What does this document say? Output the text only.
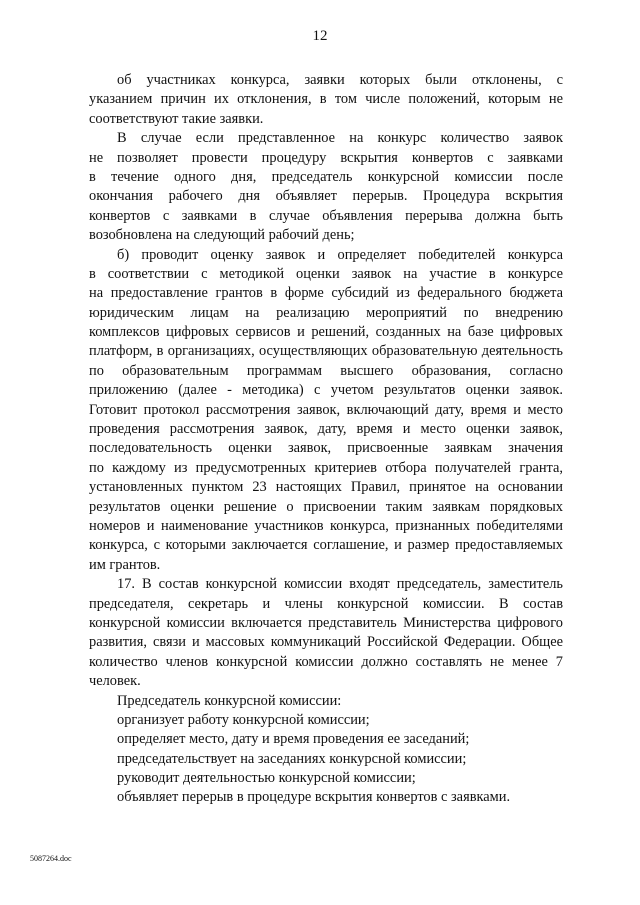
12
об участниках конкурса, заявки которых были отклонены, с
указанием причин их отклонения, в том числе положений, которым не
соответствуют такие заявки.
В случае если представленное на конкурс количество заявок
не позволяет провести процедуру вскрытия конвертов с заявками
в течение одного дня, председатель конкурсной комиссии после
окончания рабочего дня объявляет перерыв. Процедура вскрытия
конвертов с заявками в случае объявления перерыва должна быть
возобновлена на следующий рабочий день;
б) проводит оценку заявок и определяет победителей конкурса
в соответствии с методикой оценки заявок на участие в конкурсе
на предоставление грантов в форме субсидий из федерального бюджета
юридическим лицам на реализацию мероприятий по внедрению
комплексов цифровых сервисов и решений, созданных на базе цифровых
платформ, в организациях, осуществляющих образовательную деятельность
по образовательным программам высшего образования, согласно
приложению (далее - методика) с учетом результатов оценки заявок.
Готовит протокол рассмотрения заявок, включающий дату, время и место
проведения рассмотрения заявок, дату, время и место оценки заявок,
последовательность оценки заявок, присвоенные заявкам значения
по каждому из предусмотренных критериев отбора получателей гранта,
установленных пунктом 23 настоящих Правил, принятое на основании
результатов оценки решение о присвоении таким заявкам порядковых
номеров и наименование участников конкурса, признанных победителями
конкурса, с которыми заключается соглашение, и размер предоставляемых
им грантов.
17. В состав конкурсной комиссии входят председатель, заместитель
председателя, секретарь и члены конкурсной комиссии. В состав
конкурсной комиссии включается представитель Министерства цифрового
развития, связи и массовых коммуникаций Российской Федерации. Общее
количество членов конкурсной комиссии должно составлять не менее 7
человек.
Председатель конкурсной комиссии:
организует работу конкурсной комиссии;
определяет место, дату и время проведения ее заседаний;
председательствует на заседаниях конкурсной комиссии;
руководит деятельностью конкурсной комиссии;
объявляет перерыв в процедуре вскрытия конвертов с заявками.
5087264.doc
